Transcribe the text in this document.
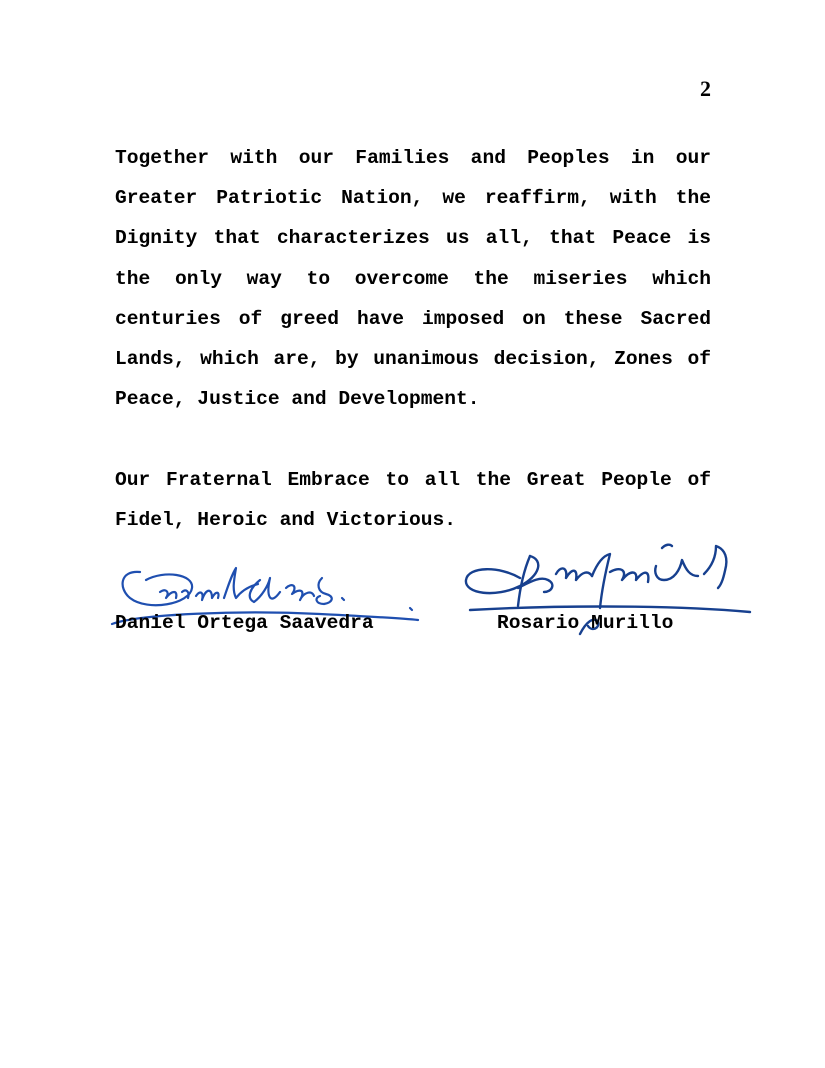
2

Together with our Families and Peoples in our Greater Patriotic Nation, we reaffirm, with the Dignity that characterizes us all, that Peace is the only way to overcome the miseries which centuries of greed have imposed on these Sacred Lands, which are, by unanimous decision, Zones of Peace, Justice and Development.

Our Fraternal Embrace to all the Great People of Fidel, Heroic and Victorious.

Daniel Ortega Saavedra	Rosario Murillo
